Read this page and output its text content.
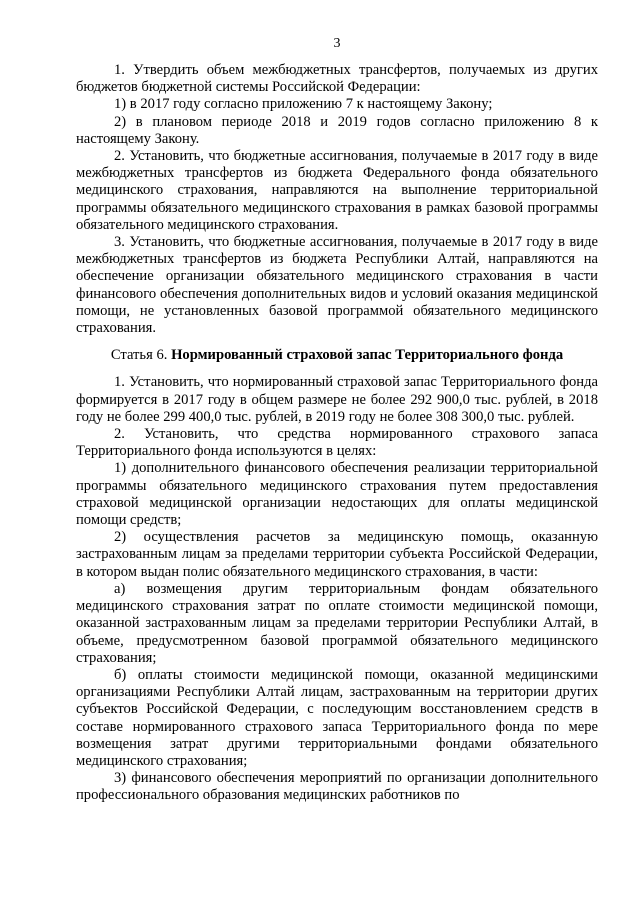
3

1. Утвердить объем межбюджетных трансфертов, получаемых из других бюджетов бюджетной системы Российской Федерации:

1) в 2017 году согласно приложению 7 к настоящему Закону;

2) в плановом периоде 2018 и 2019 годов согласно приложению 8 к настоящему Закону.

2. Установить, что бюджетные ассигнования, получаемые в 2017 году в виде межбюджетных трансфертов из бюджета Федерального фонда обязательного медицинского страхования, направляются на выполнение территориальной программы обязательного медицинского страхования в рамках базовой программы обязательного медицинского страхования.

3. Установить, что бюджетные ассигнования, получаемые в 2017 году в виде межбюджетных трансфертов из бюджета Республики Алтай, направляются на обеспечение организации обязательного медицинского страхования в части финансового обеспечения дополнительных видов и условий оказания медицинской помощи, не установленных базовой программой обязательного медицинского страхования.

Статья 6. Нормированный страховой запас Территориального фонда

1. Установить, что нормированный страховой запас Территориального фонда формируется в 2017 году в общем размере не более 292 900,0 тыс. рублей, в 2018 году не более 299 400,0 тыс. рублей, в 2019 году не более 308 300,0 тыс. рублей.

2. Установить, что средства нормированного страхового запаса Территориального фонда используются в целях:

1) дополнительного финансового обеспечения реализации территориальной программы обязательного медицинского страхования путем предоставления страховой медицинской организации недостающих для оплаты медицинской помощи средств;

2) осуществления расчетов за медицинскую помощь, оказанную застрахованным лицам за пределами территории субъекта Российской Федерации, в котором выдан полис обязательного медицинского страхования, в части:

а) возмещения другим территориальным фондам обязательного медицинского страхования затрат по оплате стоимости медицинской помощи, оказанной застрахованным лицам за пределами территории Республики Алтай, в объеме, предусмотренном базовой программой обязательного медицинского страхования;

б) оплаты стоимости медицинской помощи, оказанной медицинскими организациями Республики Алтай лицам, застрахованным на территории других субъектов Российской Федерации, с последующим восстановлением средств в составе нормированного страхового запаса Территориального фонда по мере возмещения затрат другими территориальными фондами обязательного медицинского страхования;

3) финансового обеспечения мероприятий по организации дополнительного профессионального образования медицинских работников по
